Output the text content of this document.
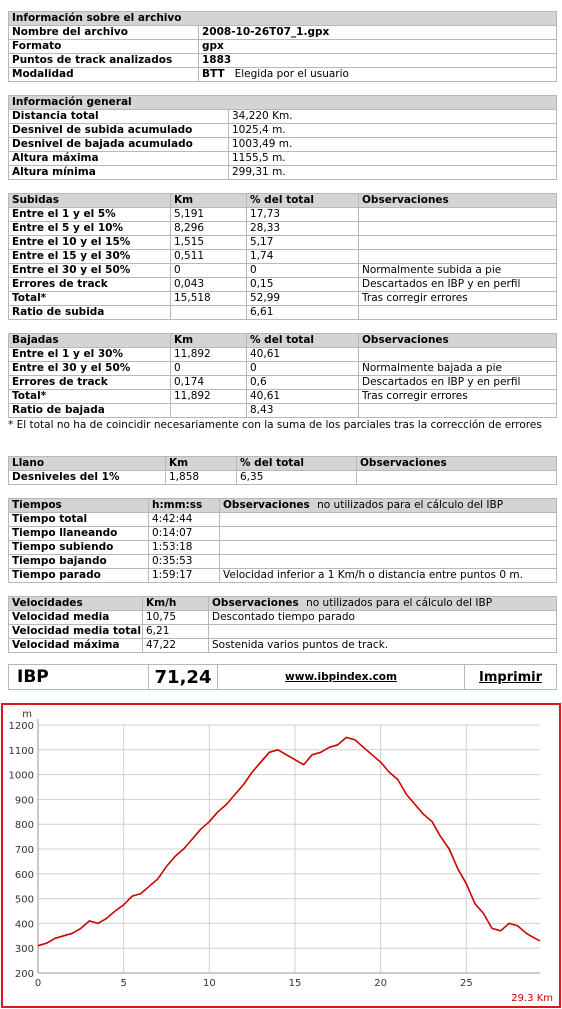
Información sobre el archivo	
Nombre del archivo	2008-10-26T07_1.gpx
Formato	gpx
Puntos de track analizados	1883
Modalidad	BTT Elegida por el usuario
Información general	
Distancia total	34,220 Km.
Desnivel de subida acumulado	1025,4 m.
Desnivel de bajada acumulado	1003,49 m.
Altura máxima	1155,5 m.
Altura mínima	299,31 m.
Subidas	Km	% del total	Observaciones
Entre el 1 y el 5%	5,191	17,73	
Entre el 5 y el 10%	8,296	28,33	
Entre el 10 y el 15%	1,515	5,17	
Entre el 15 y el 30%	0,511	1,74	
Entre el 30 y el 50%	0	0	Normalmente subida a pie
Errores de track	0,043	0,15	Descartados en IBP y en perfil
Total*	15,518	52,99	Tras corregir errores
Ratio de subida		6,61	
Bajadas	Km	% del total	Observaciones
Entre el 1 y el 30%	11,892	40,61	
Entre el 30 y el 50%	0	0	Normalmente bajada a pie
Errores de track	0,174	0,6	Descartados en IBP y en perfil
Total*	11,892	40,61	Tras corregir errores
Ratio de bajada		8,43	
* El total no ha de coincidir necesariamente con la suma de los parciales tras la corrección de errores
Llano	Km	% del total	Observaciones
Desniveles del 1%	1,858	6,35	
Tiempos	h:mm:ss	Observaciones no utilizados para el cálculo del IBP
Tiempo total	4:42:44	
Tiempo llaneando	0:14:07	
Tiempo subiendo	1:53:18	
Tiempo bajando	0:35:53	
Tiempo parado	1:59:17	Velocidad inferior a 1 Km/h o distancia entre puntos 0 m.
Velocidades	Km/h	Observaciones no utilizados para el cálculo del IBP
Velocidad media	10,75	Descontado tiempo parado
Velocidad media total	6,21	
Velocidad máxima	47,22	Sostenida varios puntos de track.
IBP	71,24	www.ibpindex.com	Imprimir
200
300
400
500
600
700
800
900
1000
1100
1200
0	5	10	15	20	25
m
29.3 Km
